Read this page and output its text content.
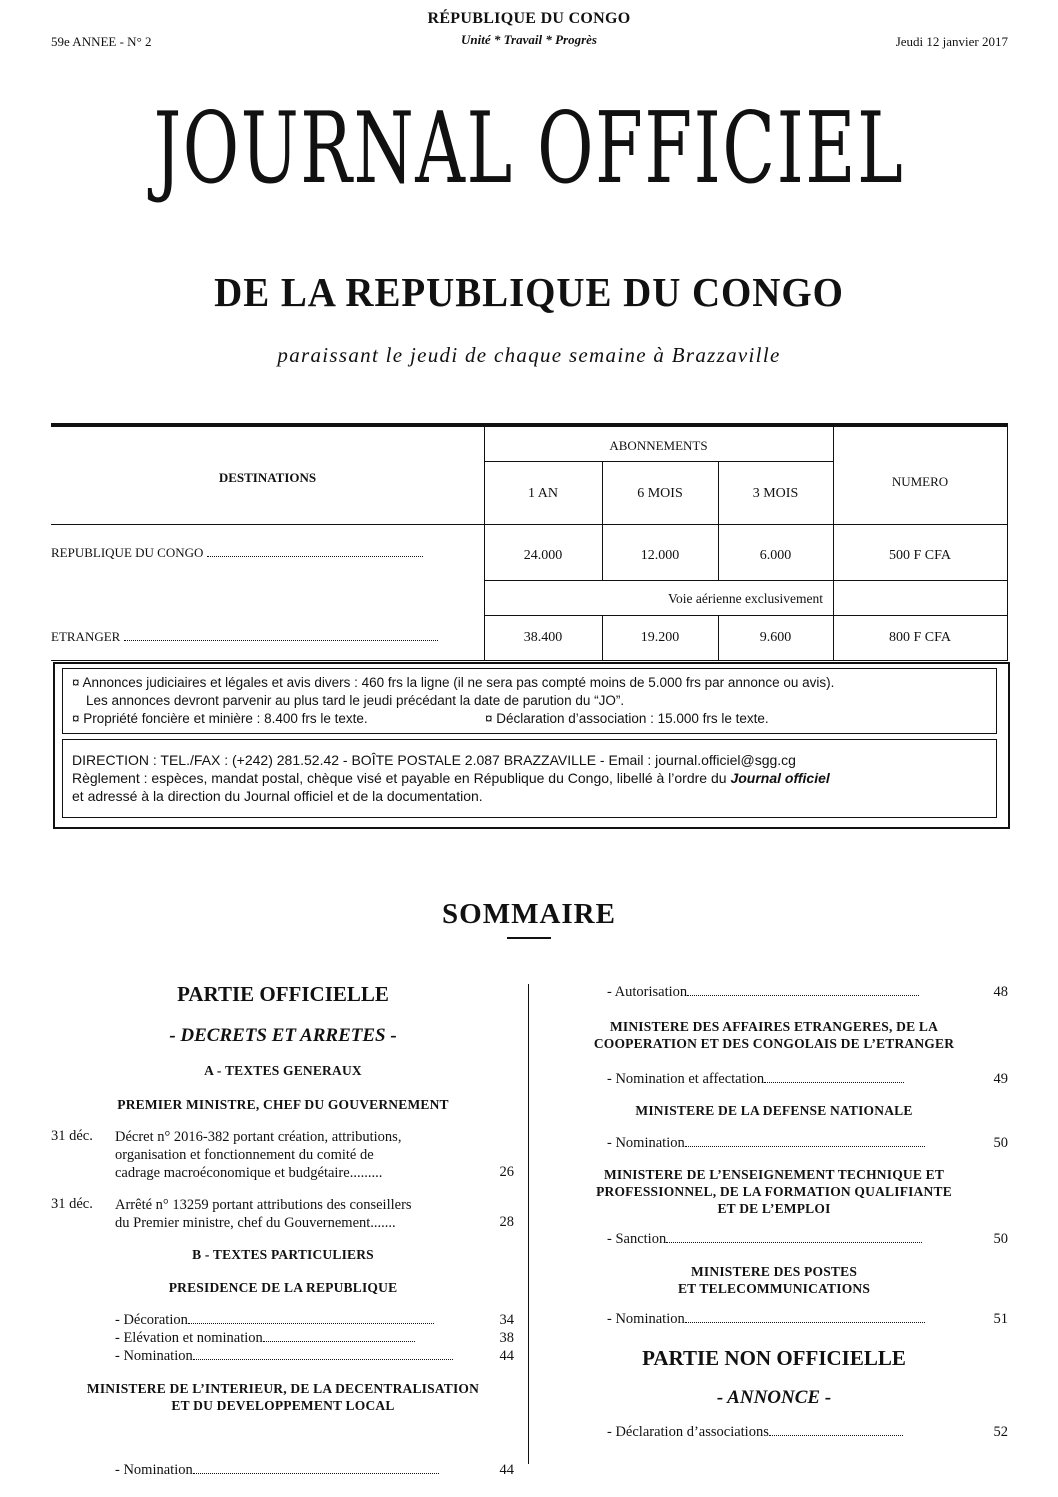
59e ANNEE - N° 2
RÉPUBLIQUE DU CONGO
Unité * Travail * Progrès	Jeudi 12 janvier 2017
JOURNAL OFFICIEL
DE LA REPUBLIQUE DU CONGO
paraissant le jeudi de chaque semaine à Brazzaville
DESTINATIONS
ABONNEMENTS
NUMERO
1 AN	6 MOIS	3 MOIS
REPUBLIQUE DU CONGO	24.000	12.000	6.000	500 F CFA
Voie aérienne exclusivement
ETRANGER	38.400	19.200	9.600	800 F CFA
¤ Annonces judiciaires et légales et avis divers : 460 frs la ligne (il ne sera pas compté moins de 5.000 frs par annonce ou avis).
Les annonces devront parvenir au plus tard le jeudi précédant la date de parution du “JO”.
¤ Propriété foncière et minière : 8.400 frs le texte.	¤ Déclaration d’association : 15.000 frs le texte.
DIRECTION : TEL./FAX : (+242) 281.52.42 - BOÎTE POSTALE 2.087 BRAZZAVILLE - Email : journal.officiel@sgg.cg
Règlement : espèces, mandat postal, chèque visé et payable en République du Congo, libellé à l’ordre du Journal officiel
et adressé à la direction du Journal officiel et de la documentation.
SOMMAIRE
PARTIE OFFICIELLE
- DECRETS ET ARRETES -
A - TEXTES GENERAUX
PREMIER MINISTRE, CHEF DU GOUVERNEMENT
31 déc. Décret n° 2016-382 portant création, attributions,
organisation et fonctionnement du comité de
cadrage macroéconomique et budgétaire.........	26
31 déc. Arrêté n° 13259 portant attributions des conseillers
du Premier ministre, chef du Gouvernement.......	28
B - TEXTES PARTICULIERS
PRESIDENCE DE LA REPUBLIQUE
- Décoration	34
- Elévation et nomination	38
- Nomination	44
MINISTERE DE L’INTERIEUR, DE LA DECENTRALISATION
ET DU DEVELOPPEMENT LOCAL
- Nomination	44
- Autorisation	48
MINISTERE DES AFFAIRES ETRANGERES, DE LA
COOPERATION ET DES CONGOLAIS DE L’ETRANGER
- Nomination et affectation	49
MINISTERE DE LA DEFENSE NATIONALE
- Nomination	50
MINISTERE DE L’ENSEIGNEMENT TECHNIQUE ET
PROFESSIONNEL, DE LA FORMATION QUALIFIANTE
ET DE L’EMPLOI
- Sanction	50
MINISTERE DES POSTES
ET TELECOMMUNICATIONS
- Nomination	51
PARTIE NON OFFICIELLE
- ANNONCE -
- Déclaration d’associations	52
